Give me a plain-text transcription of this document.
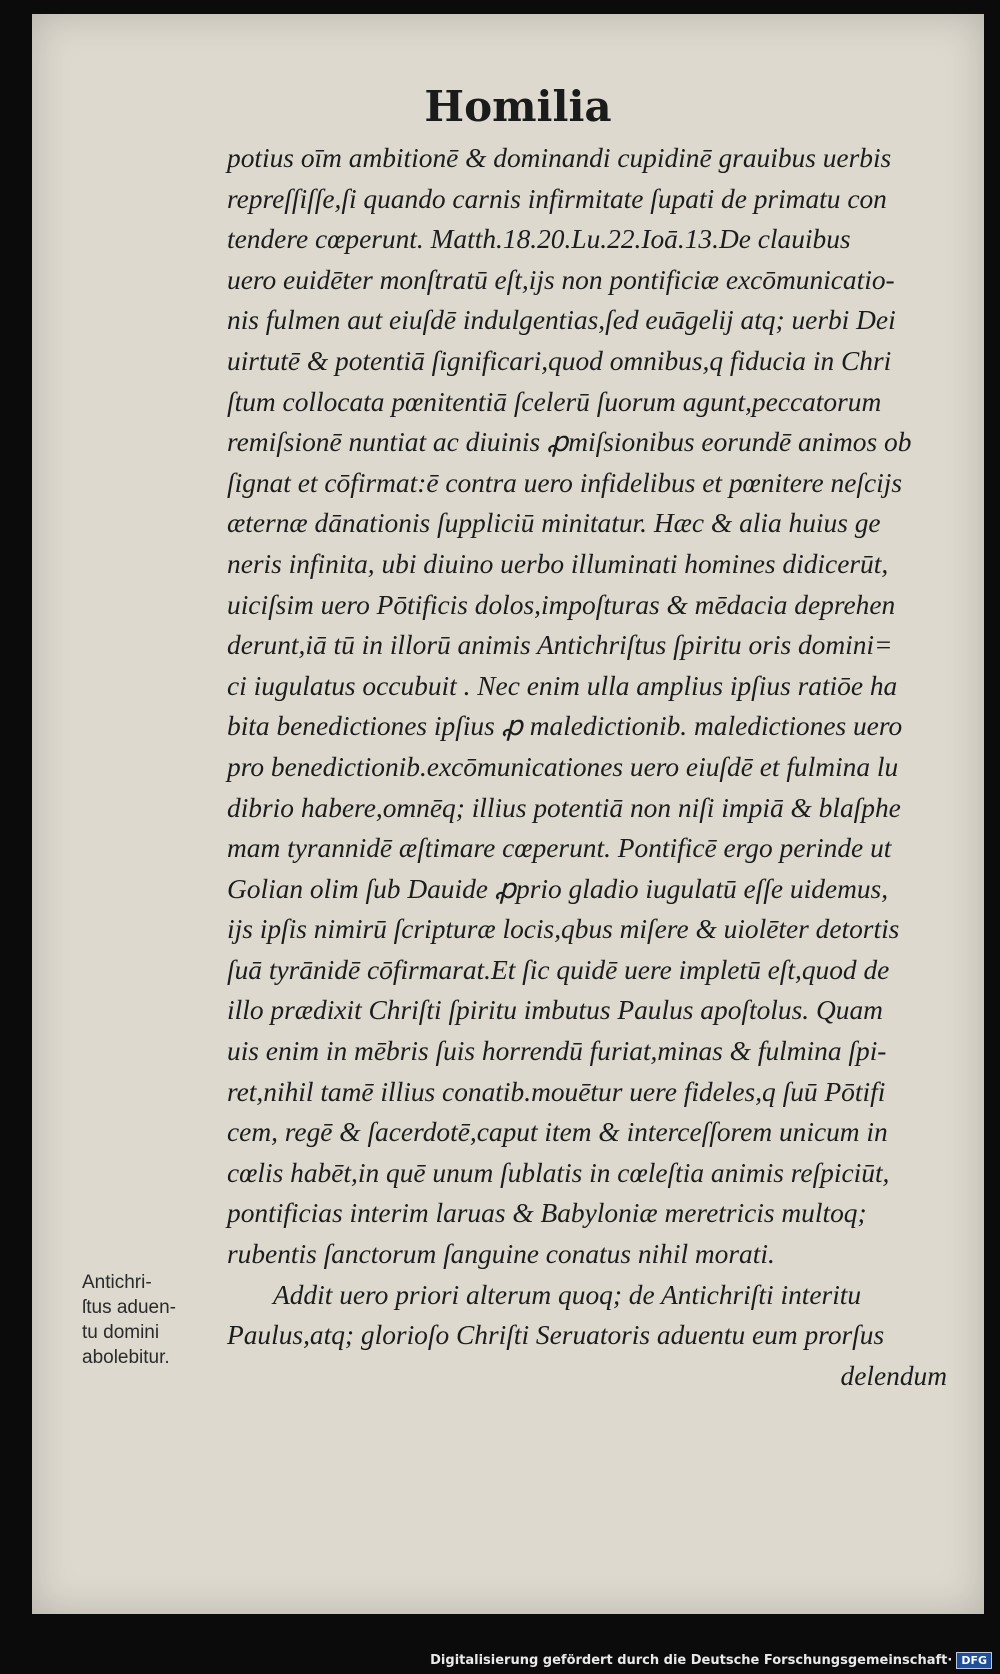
Homilia
potius oīm ambitionē & dominandi cupidinē grauibus uerbis
repreſſiſſe,ſi quando carnis infirmitate ſupati de primatu con
tendere cœperunt. Matth.18.20.Lu.22.Ioā.13.De clauibus
uero euidēter monſtratū eſt,ijs non pontificiæ excōmunicatio-
nis fulmen aut eiuſdē indulgentias,ſed euāgelij atq; uerbi Dei
uirtutē & potentiā ſignificari,quod omnibus,q fiducia in Chri
ſtum collocata pœnitentiā ſcelerū ſuorum agunt,peccatorum
remiſsionē nuntiat ac diuinis ꝓmiſsionibus eorundē animos ob
ſignat et cōfirmat:ē contra uero infidelibus et pœnitere neſcijs
æternæ dānationis ſuppliciū minitatur. Hæc & alia huius ge
neris infinita, ubi diuino uerbo illuminati homines didicerūt,
uiciſsim uero Pōtificis dolos,impoſturas & mēdacia deprehen
derunt,iā tū in illorū animis Antichriſtus ſpiritu oris domini=
ci iugulatus occubuit . Nec enim ulla amplius ipſius ratiōe ha
bita benedictiones ipſius ꝓ maledictionib. maledictiones uero
pro benedictionib.excōmunicationes uero eiuſdē et fulmina lu
dibrio habere,omnēq; illius potentiā non niſi impiā & blaſphe
mam tyrannidē æſtimare cœperunt. Pontificē ergo perinde ut
Golian olim ſub Dauide ꝓprio gladio iugulatū eſſe uidemus,
ijs ipſis nimirū ſcripturæ locis,qbus miſere & uiolēter detortis
ſuā tyrānidē cōfirmarat.Et ſic quidē uere impletū eſt,quod de
illo prædixit Chriſti ſpiritu imbutus Paulus apoſtolus. Quam
uis enim in mēbris ſuis horrendū furiat,minas & fulmina ſpi-
ret,nihil tamē illius conatib.mouētur uere fideles,q ſuū Pōtifi
cem, regē & ſacerdotē,caput item & interceſſorem unicum in
cœlis habēt,in quē unum ſublatis in cœleſtia animis reſpiciūt,
pontificias interim laruas & Babyloniæ meretricis multoq;
rubentis ſanctorum ſanguine conatus nihil morati.
Addit uero priori alterum quoq; de Antichriſti interitu
Paulus,atq; glorioſo Chriſti Seruatoris aduentu eum prorſus
delendum
Antichri-
ſtus aduen-
tu domini
abolebitur.
Digitalisierung gefördert durch die Deutsche Forschungsgemeinschaft· DFG
